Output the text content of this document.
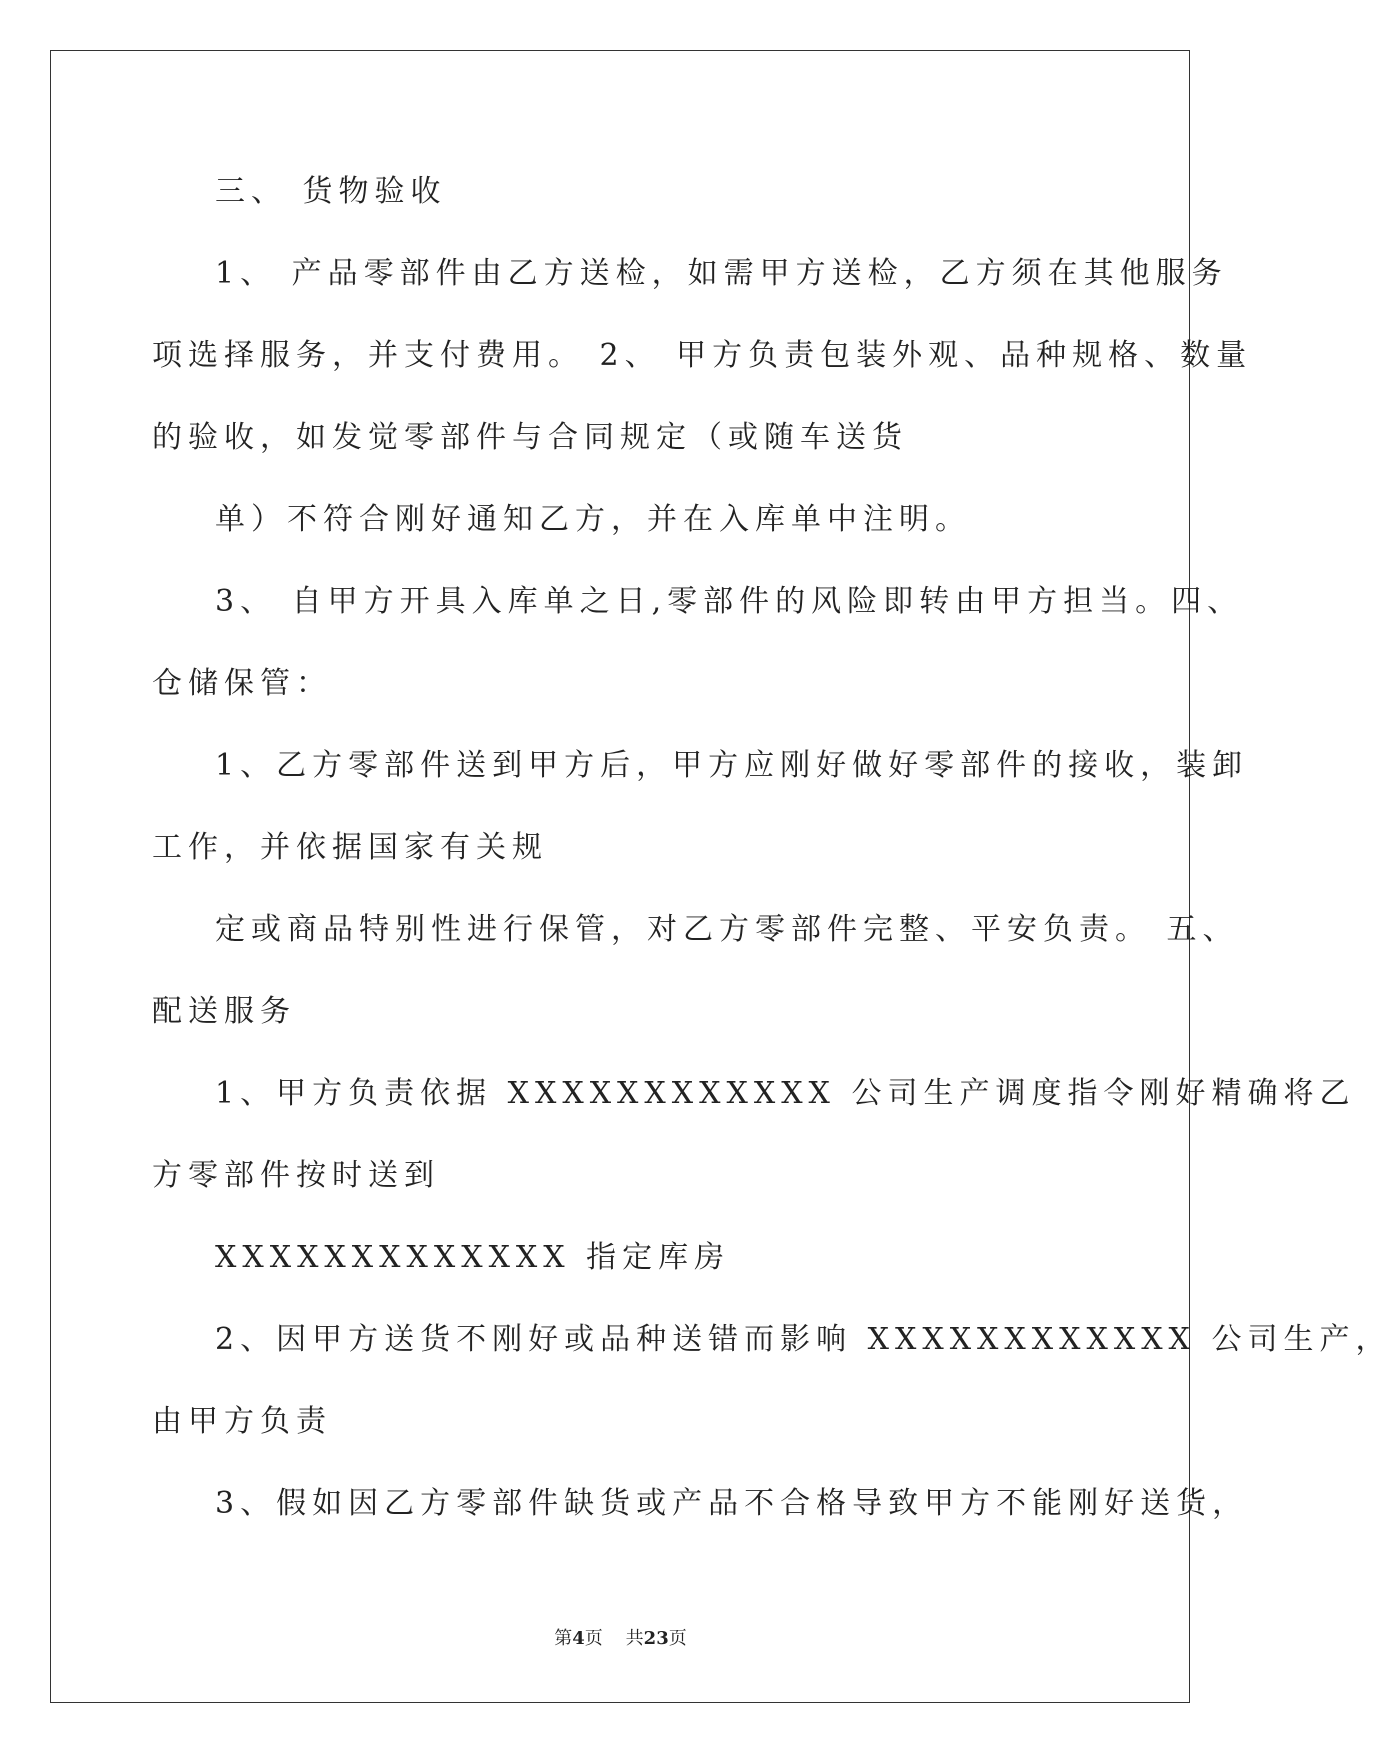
三、 货物验收
1、 产品零部件由乙方送检，如需甲方送检，乙方须在其他服务
项选择服务，并支付费用。 2、 甲方负责包装外观、品种规格、数量
的验收，如发觉零部件与合同规定（或随车送货
单）不符合刚好通知乙方，并在入库单中注明。
3、 自甲方开具入库单之日,零部件的风险即转由甲方担当。四、
仓储保管：
1、乙方零部件送到甲方后，甲方应刚好做好零部件的接收，装卸
工作，并依据国家有关规
定或商品特别性进行保管，对乙方零部件完整、平安负责。 五、
配送服务
1、甲方负责依据 XXXXXXXXXXXX 公司生产调度指令刚好精确将乙
方零部件按时送到
XXXXXXXXXXXXX 指定库房
2、因甲方送货不刚好或品种送错而影响 XXXXXXXXXXXX 公司生产，
由甲方负责
3、假如因乙方零部件缺货或产品不合格导致甲方不能刚好送货，
第4页 共23页
